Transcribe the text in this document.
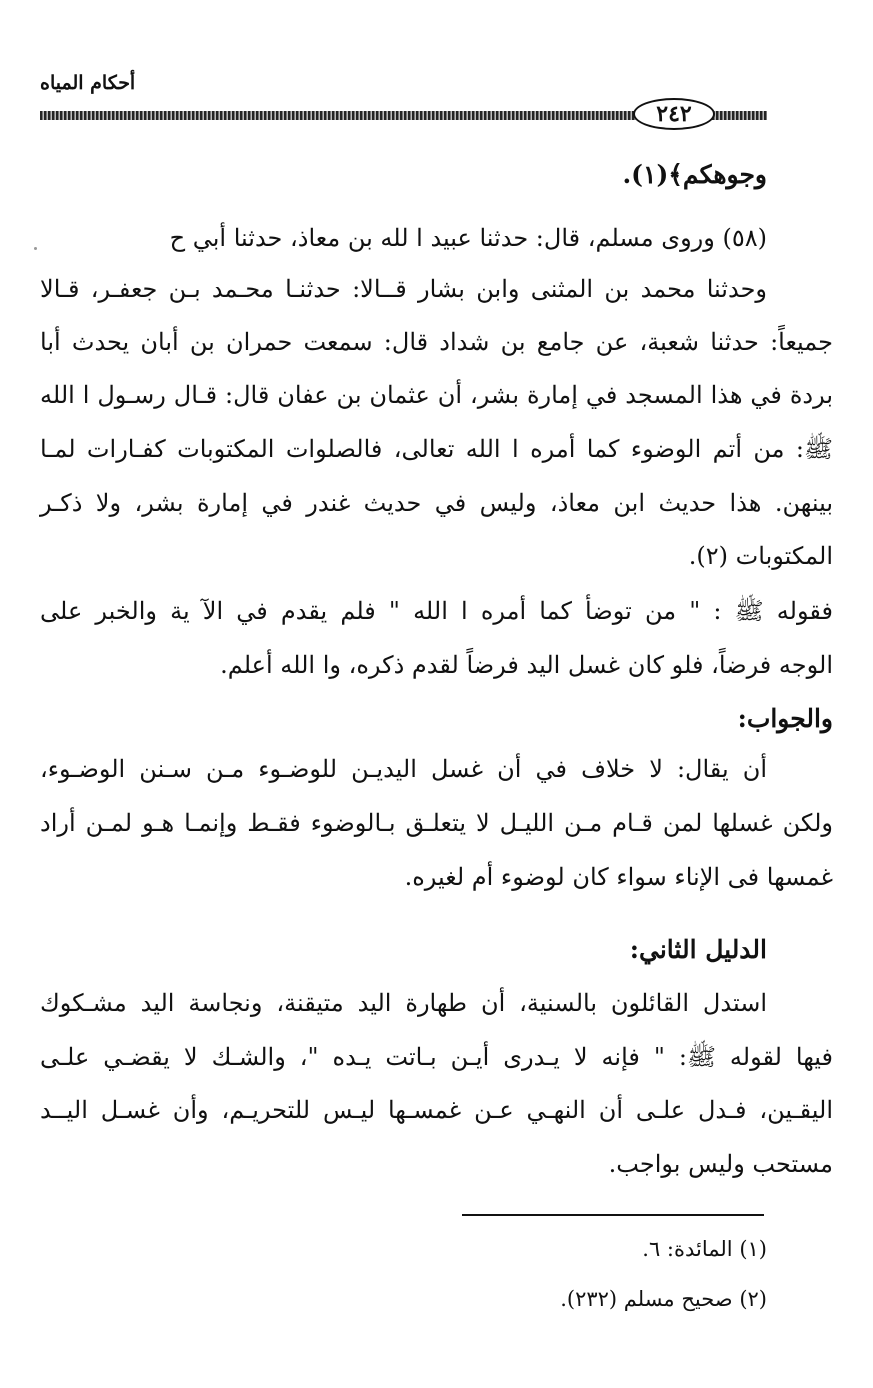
أحكام المياه
٢٤٢
وجوهكم﴾(١).
(٥٨) وروى مسلم، قال: حدثنا عبيد ا لله بن معاذ، حدثنا أبي ح
وحدثنا محمد بن المثنى وابن بشار قــالا: حدثنـا محـمد بـن جعفـر، قـالا
جميعاً: حدثنا شعبة، عن جامع بن شداد قال: سمعت حمران بن أبان يحدث أبا
بردة في هذا المسجد في إمارة بشر، أن عثمان بن عفان قال: قـال رسـول ا الله
ﷺ: من أتم الوضوء كما أمره ا الله تعالى، فالصلوات المكتوبات كفـارات لمـا
بينهن. هذا حديث ابن معاذ، وليس في حديث غندر في إمارة بشر، ولا ذكـر
المكتوبات (٢).
فقوله ﷺ : " من توضأ كما أمره ا الله " فلم يقدم في الآ ية والخبر على
الوجه فرضاً، فلو كان غسل اليد فرضاً لقدم ذكره، وا الله أعلم.
والجواب:
أن يقال: لا خلاف في أن غسل اليديـن للوضـوء مـن سـنن الوضـوء،
ولكن غسلها لمن قـام مـن الليـل لا يتعلـق بـالوضوء فقـط وإنمـا هـو لمـن أراد
غمسها فى الإناء سواء كان لوضوء أم لغيره.
الدليل الثاني:
استدل القائلون بالسنية، أن طهارة اليد متيقنة، ونجاسة اليد مشـكوك
فيها لقوله ﷺ: " فإنه لا يـدرى أيـن بـاتت يـده "، والشـك لا يقضـي علـى
اليقـين، فـدل علـى أن النهـي عـن غمسـها ليـس للتحريـم، وأن غسـل اليــد
مستحب وليس بواجب.
(١) المائدة: ٦.
(٢) صحيح مسلم (٢٣٢).
